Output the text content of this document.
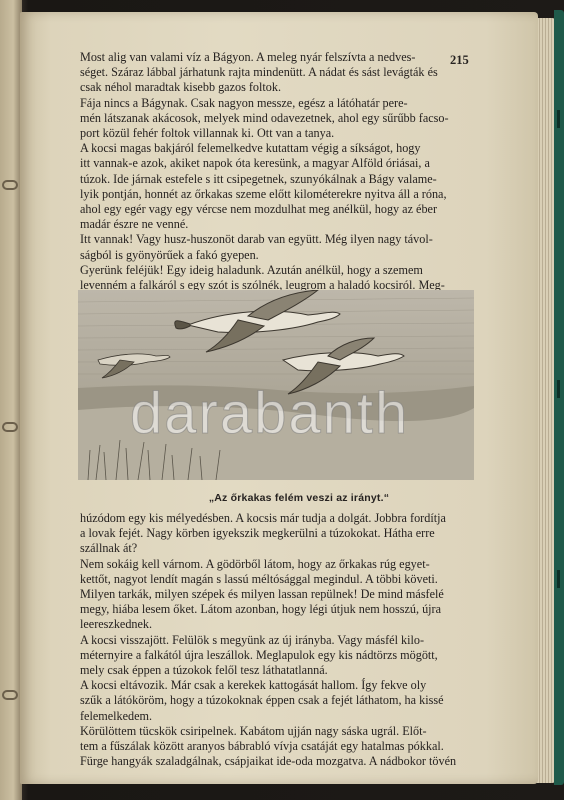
215
Most alig van valami víz a Bágyon. A meleg nyár felszívta a nedves-
séget. Száraz lábbal járhatunk rajta mindenütt. A nádat és sást levágták és
csak néhol maradtak kisebb gazos foltok.
Fája nincs a Bágynak. Csak nagyon messze, egész a látóhatár pere-
mén látszanak akácosok, melyek mind odavezetnek, ahol egy sűrűbb facso-
port közül fehér foltok villannak ki. Ott van a tanya.
A kocsi magas bakjáról felemelkedve kutattam végig a síkságot, hogy
itt vannak-e azok, akiket napok óta keresünk, a magyar Alföld óriásai, a
túzok. Ide járnak estefele s itt csipegetnek, szunyókálnak a Bágy valame-
lyik pontján, honnét az őrkakas szeme előtt kilométerekre nyitva áll a róna,
ahol egy egér vagy egy vércse nem mozdulhat meg anélkül, hogy az éber
madár észre ne venné.
Itt vannak! Vagy husz-huszonöt darab van együtt. Még ilyen nagy távol-
ságból is gyönyörűek a fakó gyepen.
Gyerünk feléjük! Egy ideig haladunk. Azután anélkül, hogy a szemem
levenném a falkáról s egy szót is szólnék, leugrom a haladó kocsiról. Meg-
darabanth
„Az őrkakas felém veszi az irányt.“
húzódom egy kis mélyedésben. A kocsis már tudja a dolgát. Jobbra fordítja
a lovak fejét. Nagy körben igyekszik megkerülni a túzokokat. Hátha erre
szállnak át?
Nem sokáig kell várnom. A gödörből látom, hogy az őrkakas rúg egyet-
kettőt, nagyot lendít magán s lassú méltósággal megindul. A többi követi.
Milyen tarkák, milyen szépek és milyen lassan repülnek! De mind másfelé
megy, hiába lesem őket. Látom azonban, hogy légi útjuk nem hosszú, újra
leereszkednek.
A kocsi visszajött. Felülök s megyünk az új irányba. Vagy másfél kilo-
méternyire a falkától újra leszállok. Meglapulok egy kis nádtörzs mögött,
mely csak éppen a túzokok felől tesz láthatatlanná.
A kocsi eltávozik. Már csak a kerekek kattogását hallom. Így fekve oly
szűk a látóköröm, hogy a túzokoknak éppen csak a fejét láthatom, ha kissé
felemelkedem.
Körülöttem tücskök csiripelnek. Kabátom ujján nagy sáska ugrál. Előt-
tem a fűszálak között aranyos bábrabló vívja csatáját egy hatalmas pókkal.
Fürge hangyák szaladgálnak, csápjaikat ide-oda mozgatva. A nádbokor tövén
